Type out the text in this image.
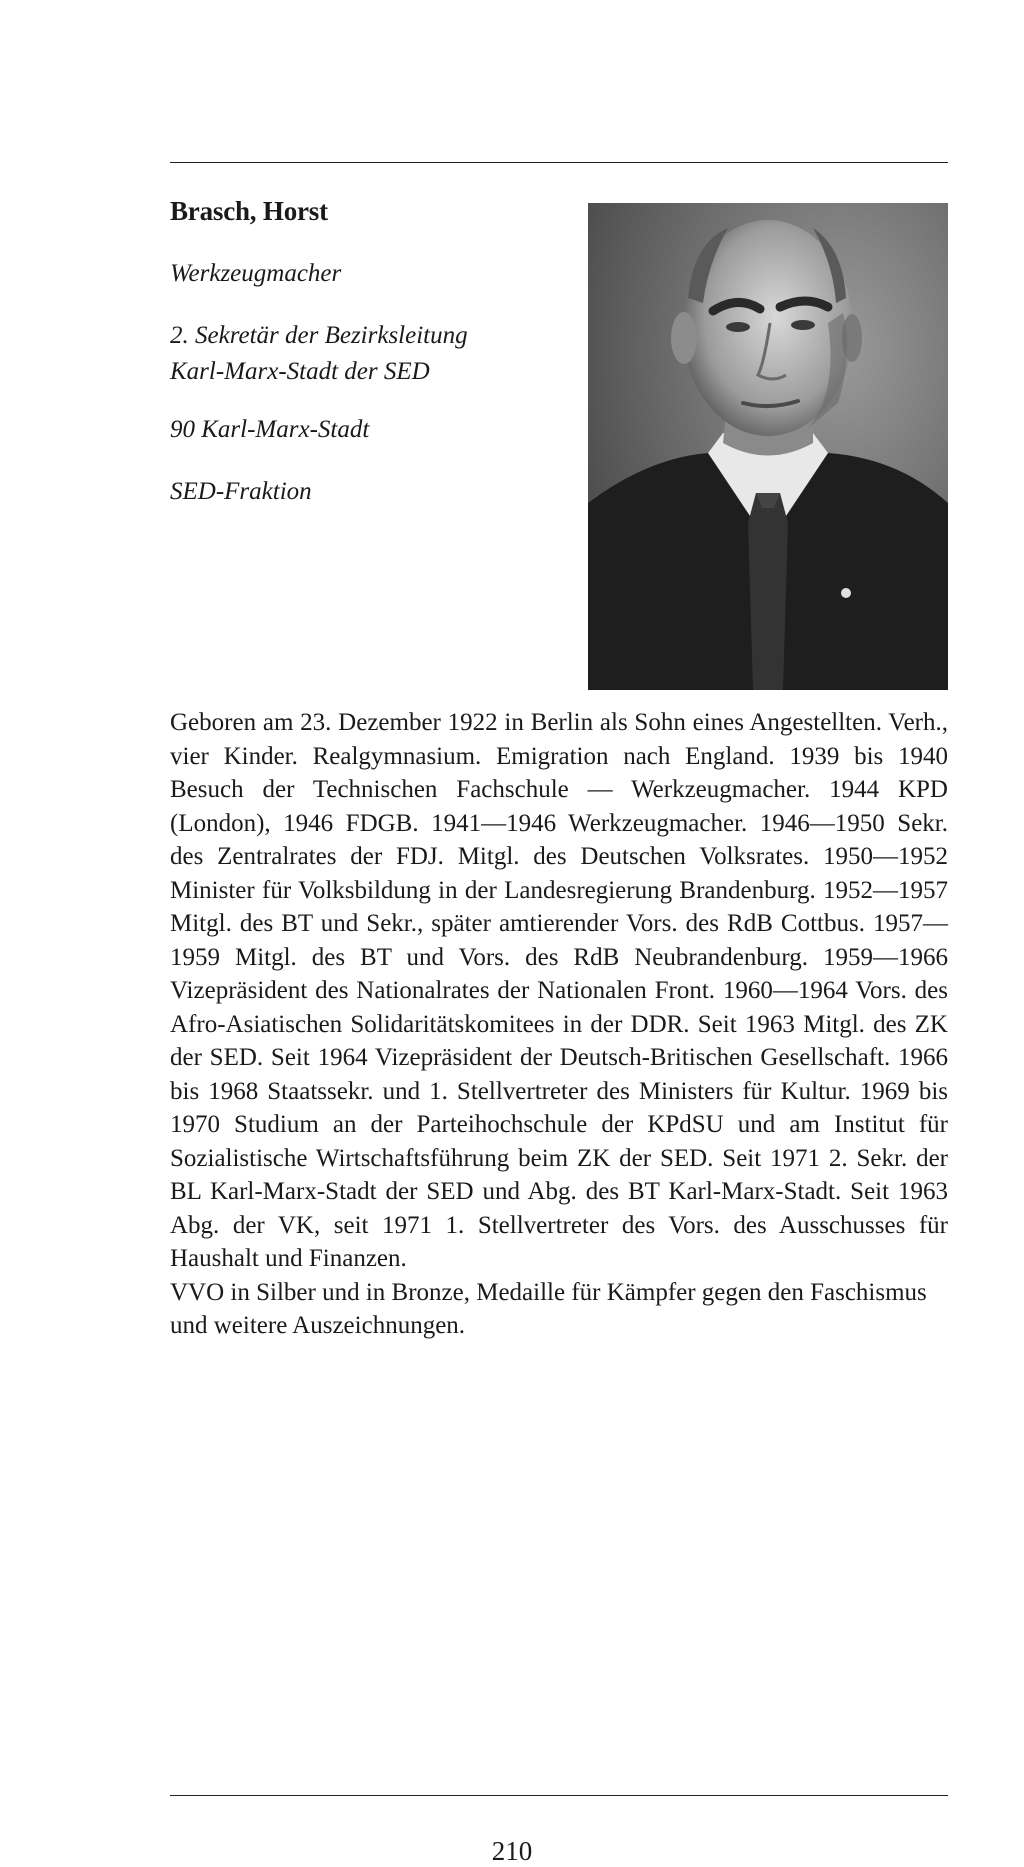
Brasch, Horst
Werkzeugmacher
2. Sekretär der Bezirksleitung
Karl-Marx-Stadt der SED
90 Karl-Marx-Stadt
SED-Fraktion

Geboren am 23. Dezember 1922 in Berlin als Sohn eines Angestellten. Verh., vier Kinder. Realgymnasium. Emigration nach England. 1939 bis 1940 Besuch der Technischen Fachschule — Werkzeugmacher. 1944 KPD (London), 1946 FDGB. 1941—1946 Werkzeugmacher. 1946—1950 Sekr. des Zentralrates der FDJ. Mitgl. des Deutschen Volksrates. 1950—1952 Minister für Volksbildung in der Landesregierung Brandenburg. 1952—1957 Mitgl. des BT und Sekr., später amtierender Vors. des RdB Cottbus. 1957—1959 Mitgl. des BT und Vors. des RdB Neubrandenburg. 1959—1966 Vizepräsident des Nationalrates der Nationalen Front. 1960—1964 Vors. des Afro-Asiatischen Solidaritätskomitees in der DDR. Seit 1963 Mitgl. des ZK der SED. Seit 1964 Vizepräsident der Deutsch-Britischen Gesellschaft. 1966 bis 1968 Staatssekr. und 1. Stellvertreter des Ministers für Kultur. 1969 bis 1970 Studium an der Parteihochschule der KPdSU und am Institut für Sozialistische Wirtschaftsführung beim ZK der SED. Seit 1971 2. Sekr. der BL Karl-Marx-Stadt der SED und Abg. des BT Karl-Marx-Stadt. Seit 1963 Abg. der VK, seit 1971 1. Stellvertreter des Vors. des Ausschusses für Haushalt und Finanzen.

VVO in Silber und in Bronze, Medaille für Kämpfer gegen den Faschismus und weitere Auszeichnungen.

210
